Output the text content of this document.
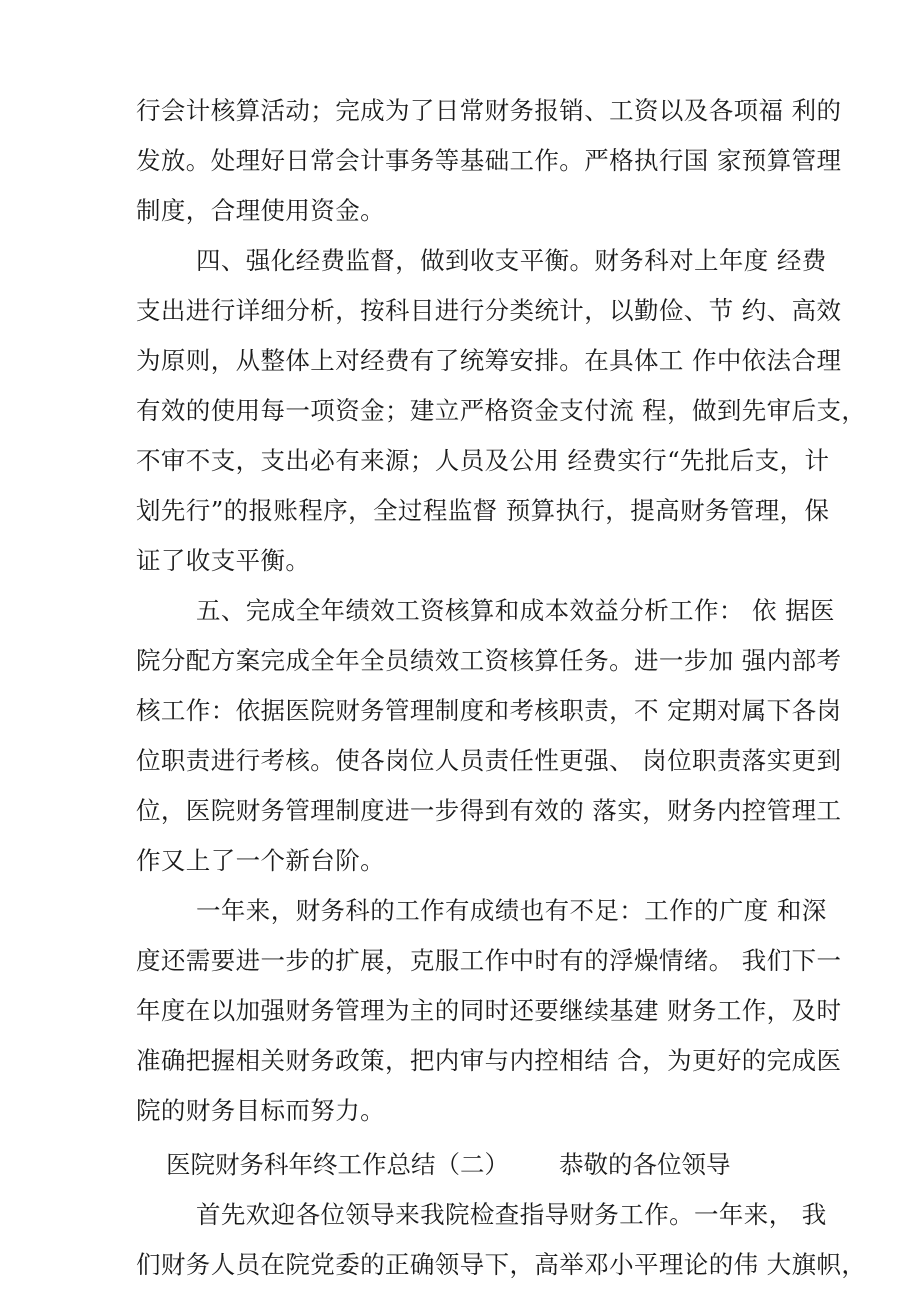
行会计核算活动；完成为了日常财务报销、工资以及各项福 利的
发放。处理好日常会计事务等基础工作。严格执行国 家预算管理
制度，合理使用资金。
四、强化经费监督，做到收支平衡。财务科对上年度 经费
支出进行详细分析，按科目进行分类统计，以勤俭、节 约、高效
为原则，从整体上对经费有了统筹安排。在具体工 作中依法合理
有效的使用每一项资金；建立严格资金支付流 程，做到先审后支，
不审不支，支出必有来源；人员及公用 经费实行“先批后支，计
划先行”的报账程序，全过程监督 预算执行，提高财务管理，保
证了收支平衡。
五、完成全年绩效工资核算和成本效益分析工作： 依 据医
院分配方案完成全年全员绩效工资核算任务。进一步加 强内部考
核工作：依据医院财务管理制度和考核职责，不 定期对属下各岗
位职责进行考核。使各岗位人员责任性更强、 岗位职责落实更到
位，医院财务管理制度进一步得到有效的 落实，财务内控管理工
作又上了一个新台阶。
一年来，财务科的工作有成绩也有不足：工作的广度 和深
度还需要进一步的扩展，克服工作中时有的浮燥情绪。 我们下一
年度在以加强财务管理为主的同时还要继续基建 财务工作，及时
准确把握相关财务政策，把内审与内控相结 合，为更好的完成医
院的财务目标而努力。
医院财务科年终工作总结（二） 恭敬的各位领导
首先欢迎各位领导来我院检查指导财务工作。一年来， 我
们财务人员在院党委的正确领导下，高举邓小平理论的伟 大旗帜，
